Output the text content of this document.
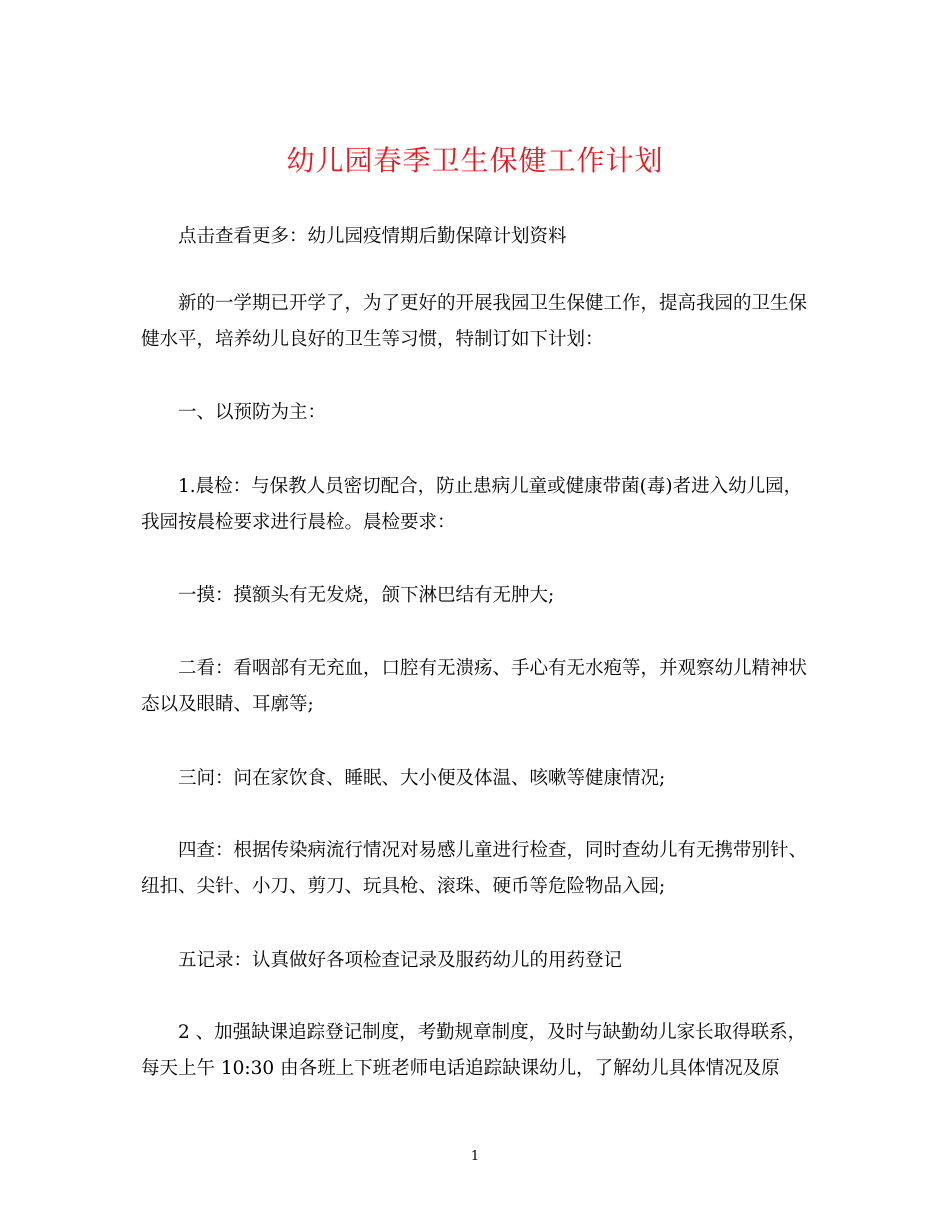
幼儿园春季卫生保健工作计划

点击查看更多：幼儿园疫情期后勤保障计划资料

新的一学期已开学了，为了更好的开展我园卫生保健工作，提高我园的卫生保健水平，培养幼儿良好的卫生等习惯，特制订如下计划：

一、以预防为主：

1.晨检：与保教人员密切配合，防止患病儿童或健康带菌(毒)者进入幼儿园，我园按晨检要求进行晨检。晨检要求：

一摸：摸额头有无发烧，颌下淋巴结有无肿大;

二看：看咽部有无充血，口腔有无溃疡、手心有无水疱等，并观察幼儿精神状态以及眼睛、耳廓等;

三问：问在家饮食、睡眠、大小便及体温、咳嗽等健康情况;

四查：根据传染病流行情况对易感儿童进行检查，同时查幼儿有无携带别针、纽扣、尖针、小刀、剪刀、玩具枪、滚珠、硬币等危险物品入园;

五记录：认真做好各项检查记录及服药幼儿的用药登记

2 、加强缺课追踪登记制度，考勤规章制度，及时与缺勤幼儿家长取得联系，每天上午 10:30 由各班上下班老师电话追踪缺课幼儿，了解幼儿具体情况及原

1
